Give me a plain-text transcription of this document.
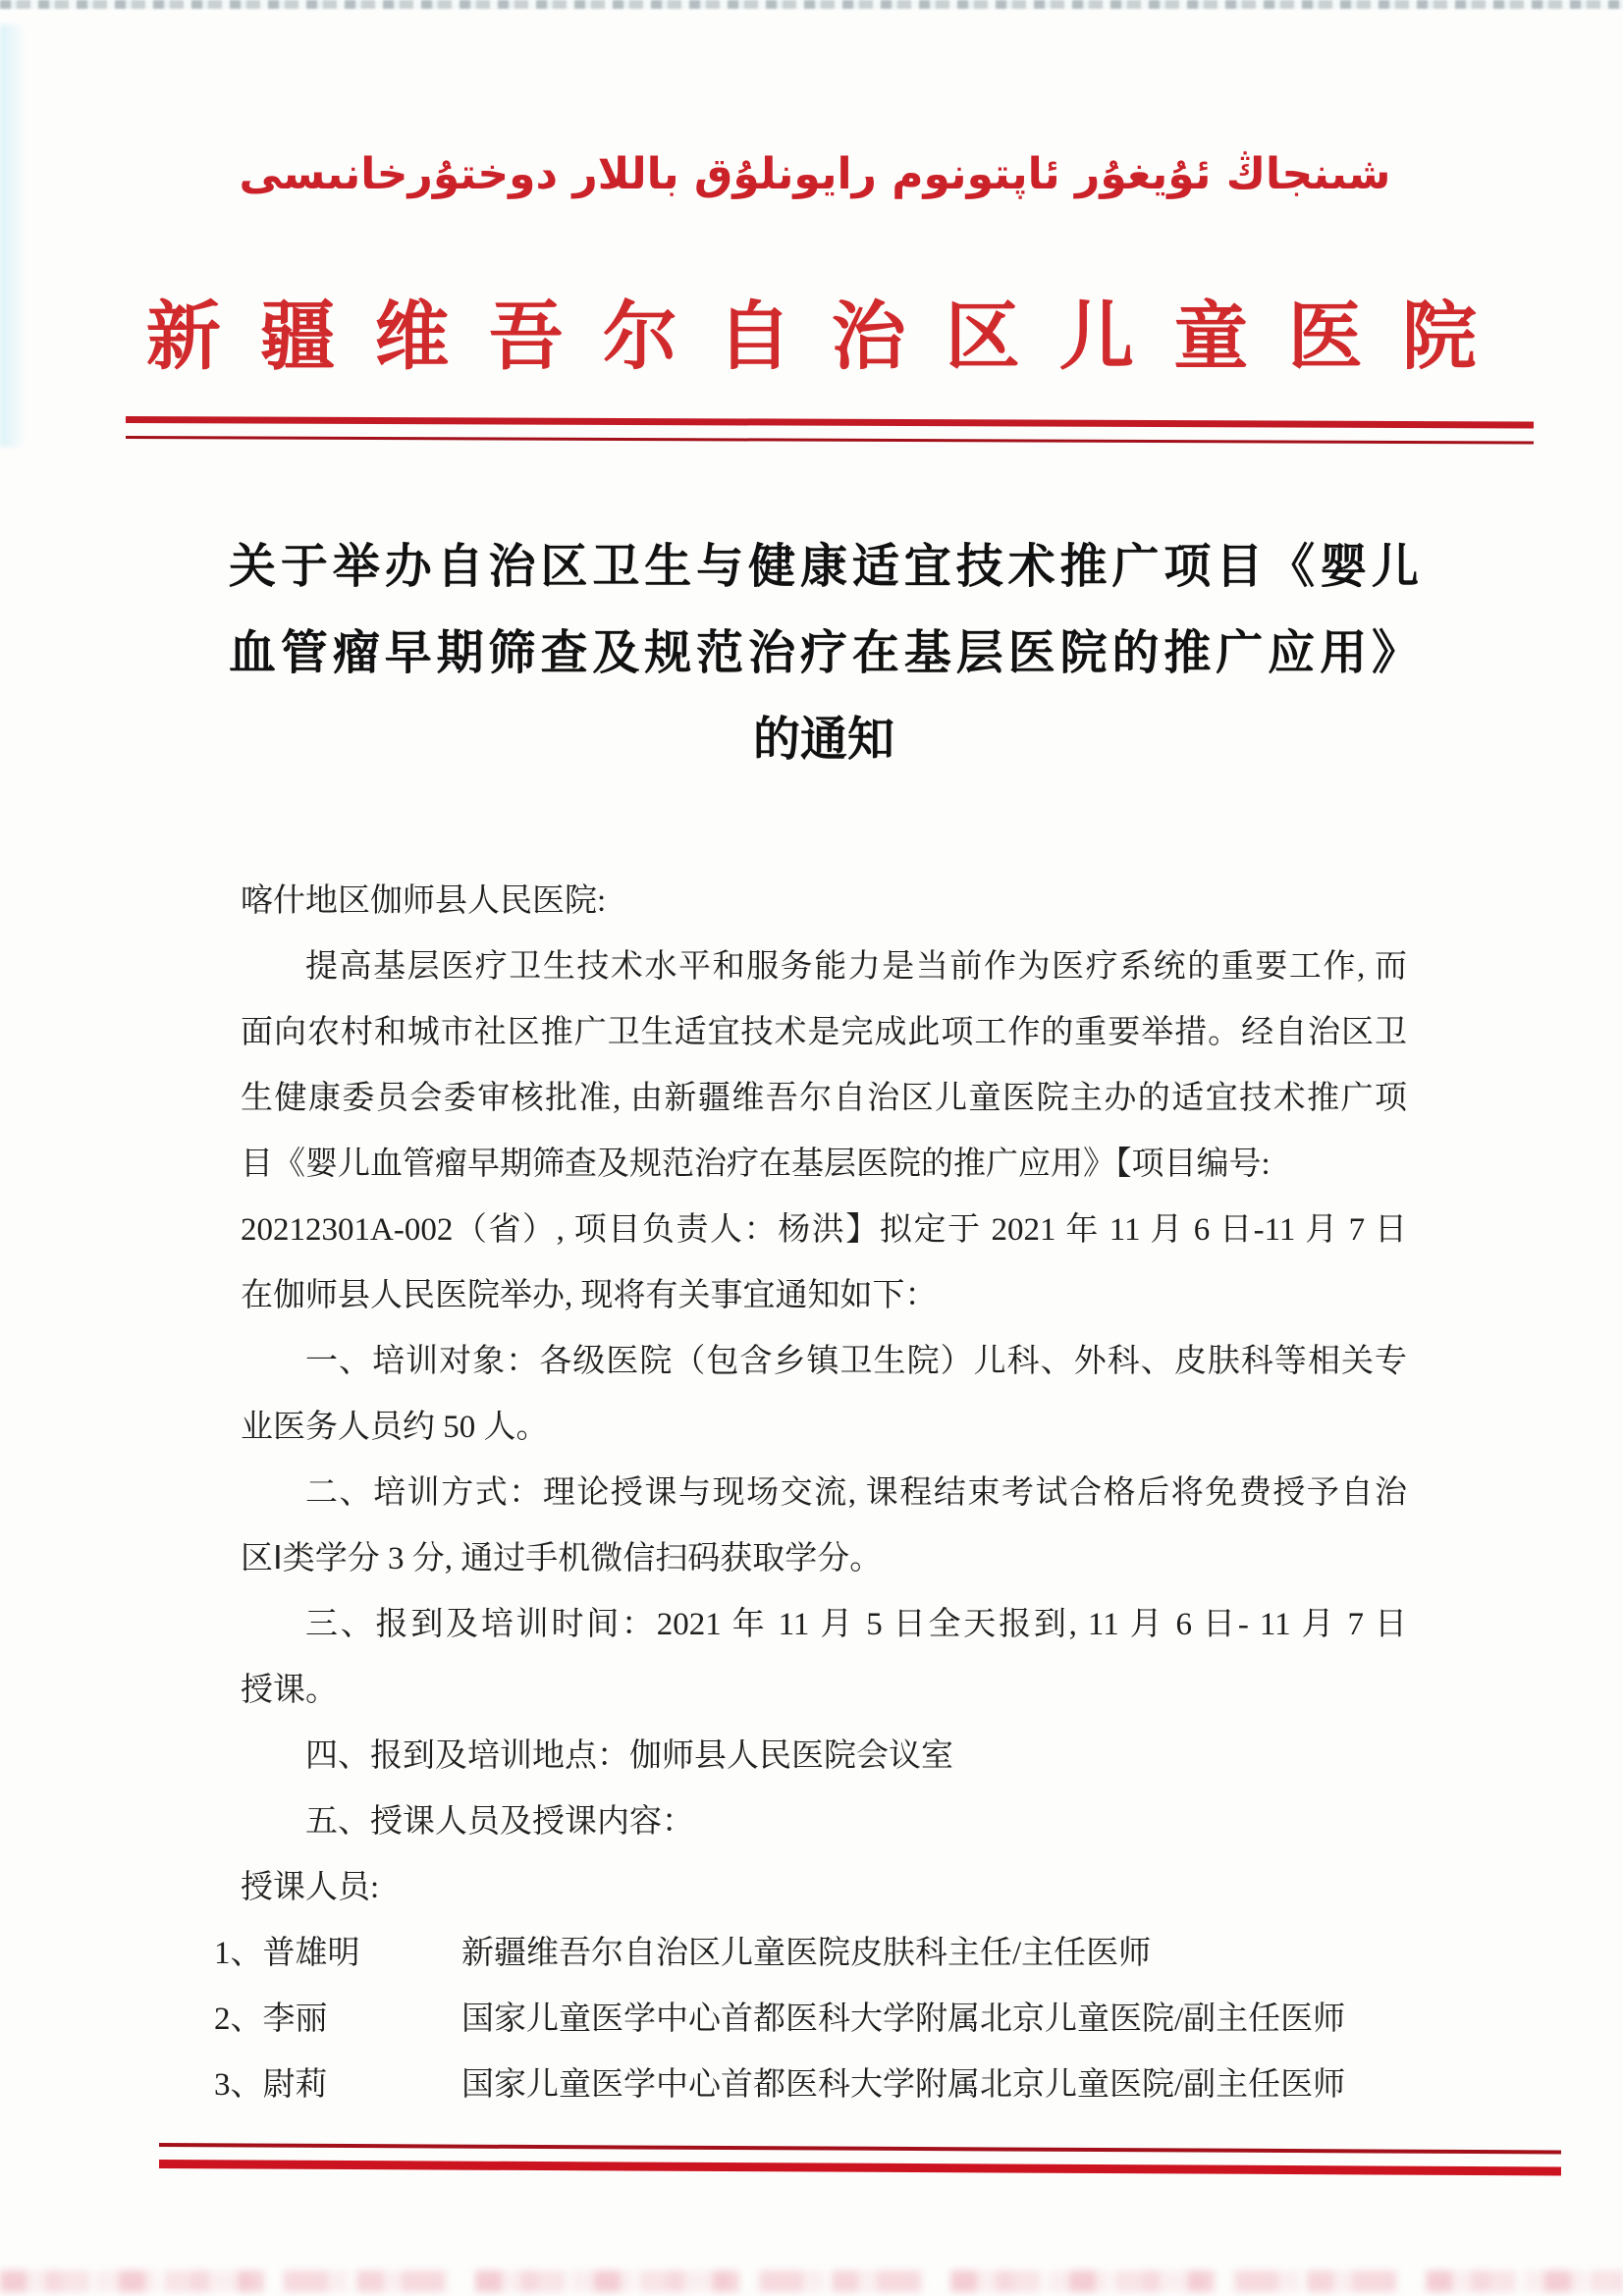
شىنجاڭ ئۇيغۇر ئاپتونوم رايونلۇق باللار دوختۇرخانىسى
新疆维吾尔自治区儿童医院
关于举办自治区卫生与健康适宜技术推广项目《婴儿
血管瘤早期筛查及规范治疗在基层医院的推广应用》
的通知
喀什地区伽师县人民医院:
提高基层医疗卫生技术水平和服务能力是当前作为医疗系统的重要工作, 而
面向农村和城市社区推广卫生适宜技术是完成此项工作的重要举措。经自治区卫
生健康委员会委审核批准, 由新疆维吾尔自治区儿童医院主办的适宜技术推广项
目《婴儿血管瘤早期筛查及规范治疗在基层医院的推广应用》【项目编号:
20212301A-002（省）, 项目负责人：杨洪】拟定于 2021 年 11 月 6 日-11 月 7 日
在伽师县人民医院举办, 现将有关事宜通知如下：
一、培训对象：各级医院（包含乡镇卫生院）儿科、外科、皮肤科等相关专
业医务人员约 50 人。
二、培训方式：理论授课与现场交流, 课程结束考试合格后将免费授予自治
区Ⅰ类学分 3 分, 通过手机微信扫码获取学分。
三、报到及培训时间：2021 年 11 月 5 日全天报到, 11 月 6 日- 11 月 7 日
授课。
四、报到及培训地点：伽师县人民医院会议室
五、授课人员及授课内容：
授课人员:
1、普雄明	新疆维吾尔自治区儿童医院皮肤科主任/主任医师
2、李丽	国家儿童医学中心首都医科大学附属北京儿童医院/副主任医师
3、尉莉	国家儿童医学中心首都医科大学附属北京儿童医院/副主任医师
